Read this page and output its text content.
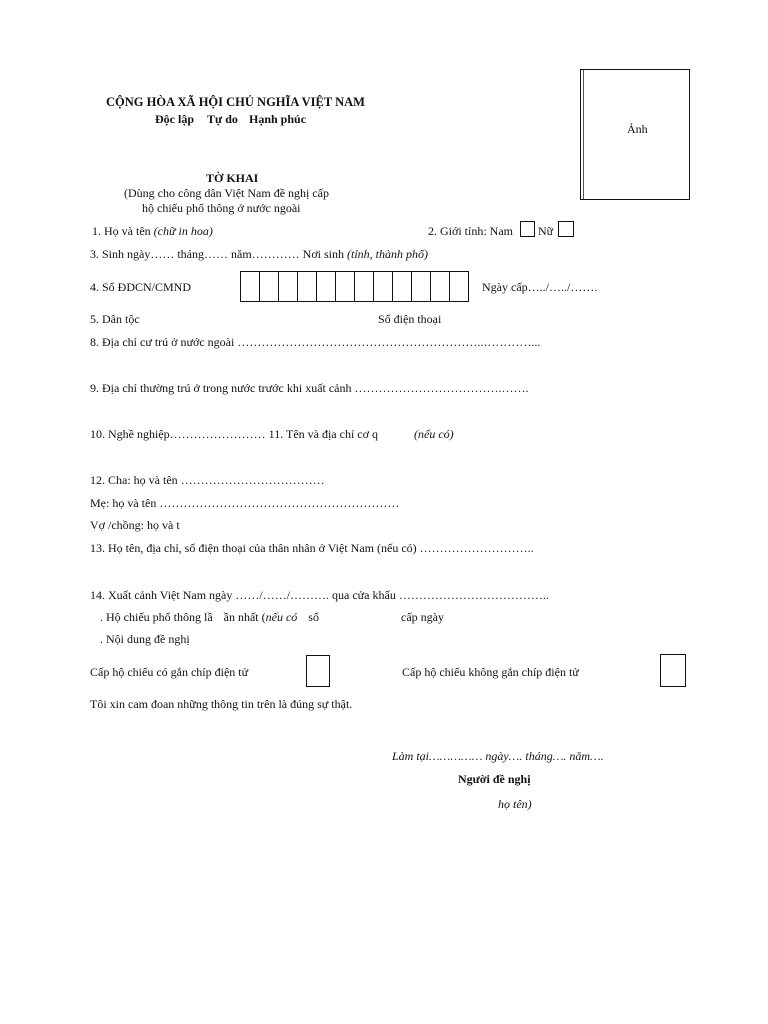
CỘNG HÒA XÃ HỘI CHỦ NGHĨA VIỆT NAM
Độc lập Tự do Hạnh phúc
Ảnh
TỜ KHAI
(Dùng cho công dân Việt Nam đề nghị cấp
hộ chiếu phổ thông ở nước ngoài
1. Họ và tên (chữ in hoa)	2. Giới tính: Nam Nữ
3. Sinh ngày…… tháng…… năm………… Nơi sinh (tỉnh, thành phố)
4. Số ĐDCN/CMND	Ngày cấp…../…../…….
5. Dân tộc	Số điện thoại
8. Địa chỉ cư trú ở nước ngoài ……………………………………………………..…………...
9. Địa chỉ thường trú ở trong nước trước khi xuất cảnh ……………………………….…….
10. Nghề nghiệp…………………… 11. Tên và địa chỉ cơ q	(nếu có)
12. Cha: họ và tên ………………………………
Mẹ: họ và tên ……………………………………………………
Vợ /chồng: họ và t
13. Họ tên, địa chỉ, số điện thoại của thân nhân ở Việt Nam (nếu có) ………………………..
14. Xuất cảnh Việt Nam ngày ……/……/………. qua cửa khẩu ………………………………..
. Hộ chiếu phổ thông lầ ần nhất (nếu có số	cấp ngày
. Nội dung đề nghị
Cấp hộ chiếu có gắn chíp điện tử	Cấp hộ chiếu không gắn chíp điện tử
Tôi xin cam đoan những thông tin trên là đúng sự thật.
Làm tại…………… ngày…. tháng…. năm….
Người đề nghị
họ tên)
